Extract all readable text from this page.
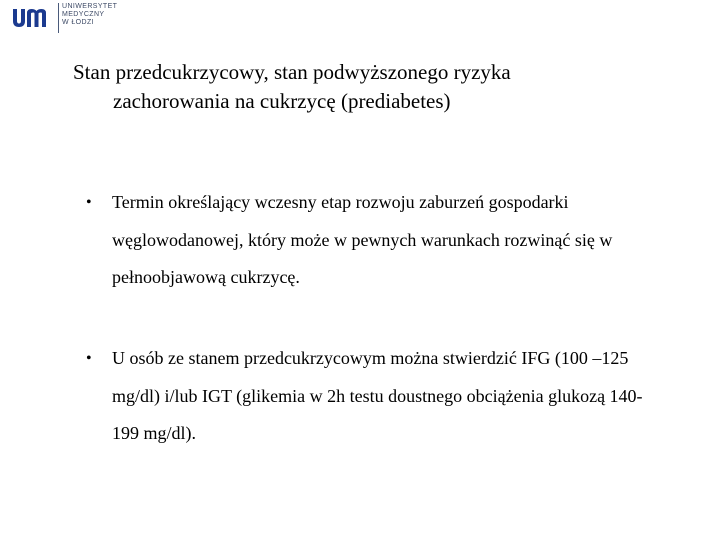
UNIWERSYTET
MEDYCZNY
W ŁODZI
Stan przedcukrzycowy, stan podwyższonego ryzyka
zachorowania na cukrzycę (prediabetes)
•	Termin określający wczesny etap rozwoju zaburzeń gospodarki
węglowodanowej, który może w pewnych warunkach rozwinąć się w
pełnoobjawową cukrzycę.
•	U osób ze stanem przedcukrzycowym można stwierdzić IFG (100 –125
mg/dl) i/lub IGT (glikemia w 2h testu doustnego obciążenia glukozą 140-
199 mg/dl).
